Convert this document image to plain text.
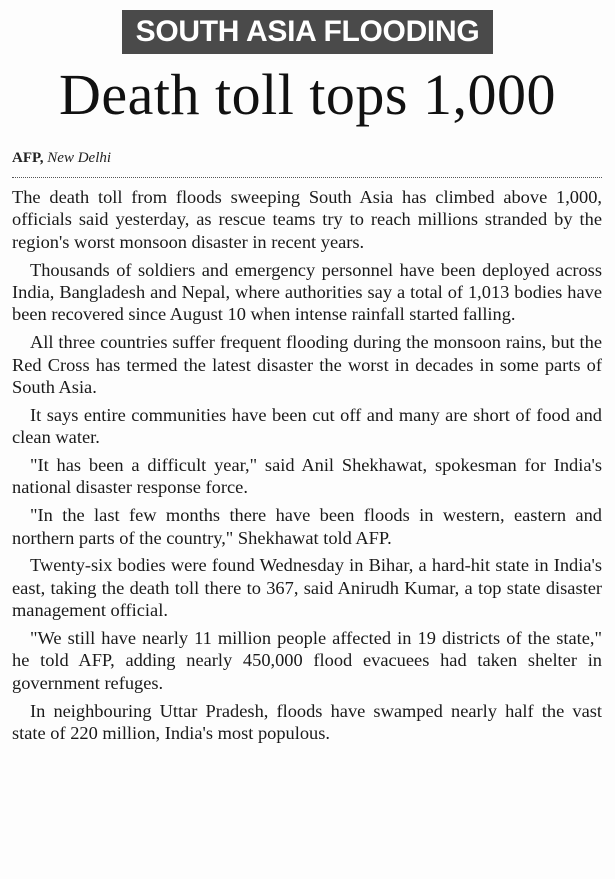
SOUTH ASIA FLOODING
Death toll tops 1,000
AFP, New Delhi

The death toll from floods sweeping South Asia has climbed above 1,000, officials said yesterday, as rescue teams try to reach millions stranded by the region's worst monsoon disaster in recent years.

Thousands of soldiers and emergency personnel have been deployed across India, Bangladesh and Nepal, where authorities say a total of 1,013 bodies have been recovered since August 10 when intense rainfall started falling.

All three countries suffer frequent flooding during the monsoon rains, but the Red Cross has termed the latest disaster the worst in decades in some parts of South Asia.

It says entire communities have been cut off and many are short of food and clean water.

"It has been a difficult year," said Anil Shekhawat, spokesman for India's national disaster response force.

"In the last few months there have been floods in western, eastern and northern parts of the country," Shekhawat told AFP.

Twenty-six bodies were found Wednesday in Bihar, a hard-hit state in India's east, taking the death toll there to 367, said Anirudh Kumar, a top state disaster management official.

"We still have nearly 11 million people affected in 19 districts of the state," he told AFP, adding nearly 450,000 flood evacuees had taken shelter in government refuges.

In neighbouring Uttar Pradesh, floods have swamped nearly half the vast state of 220 million, India's most populous.
